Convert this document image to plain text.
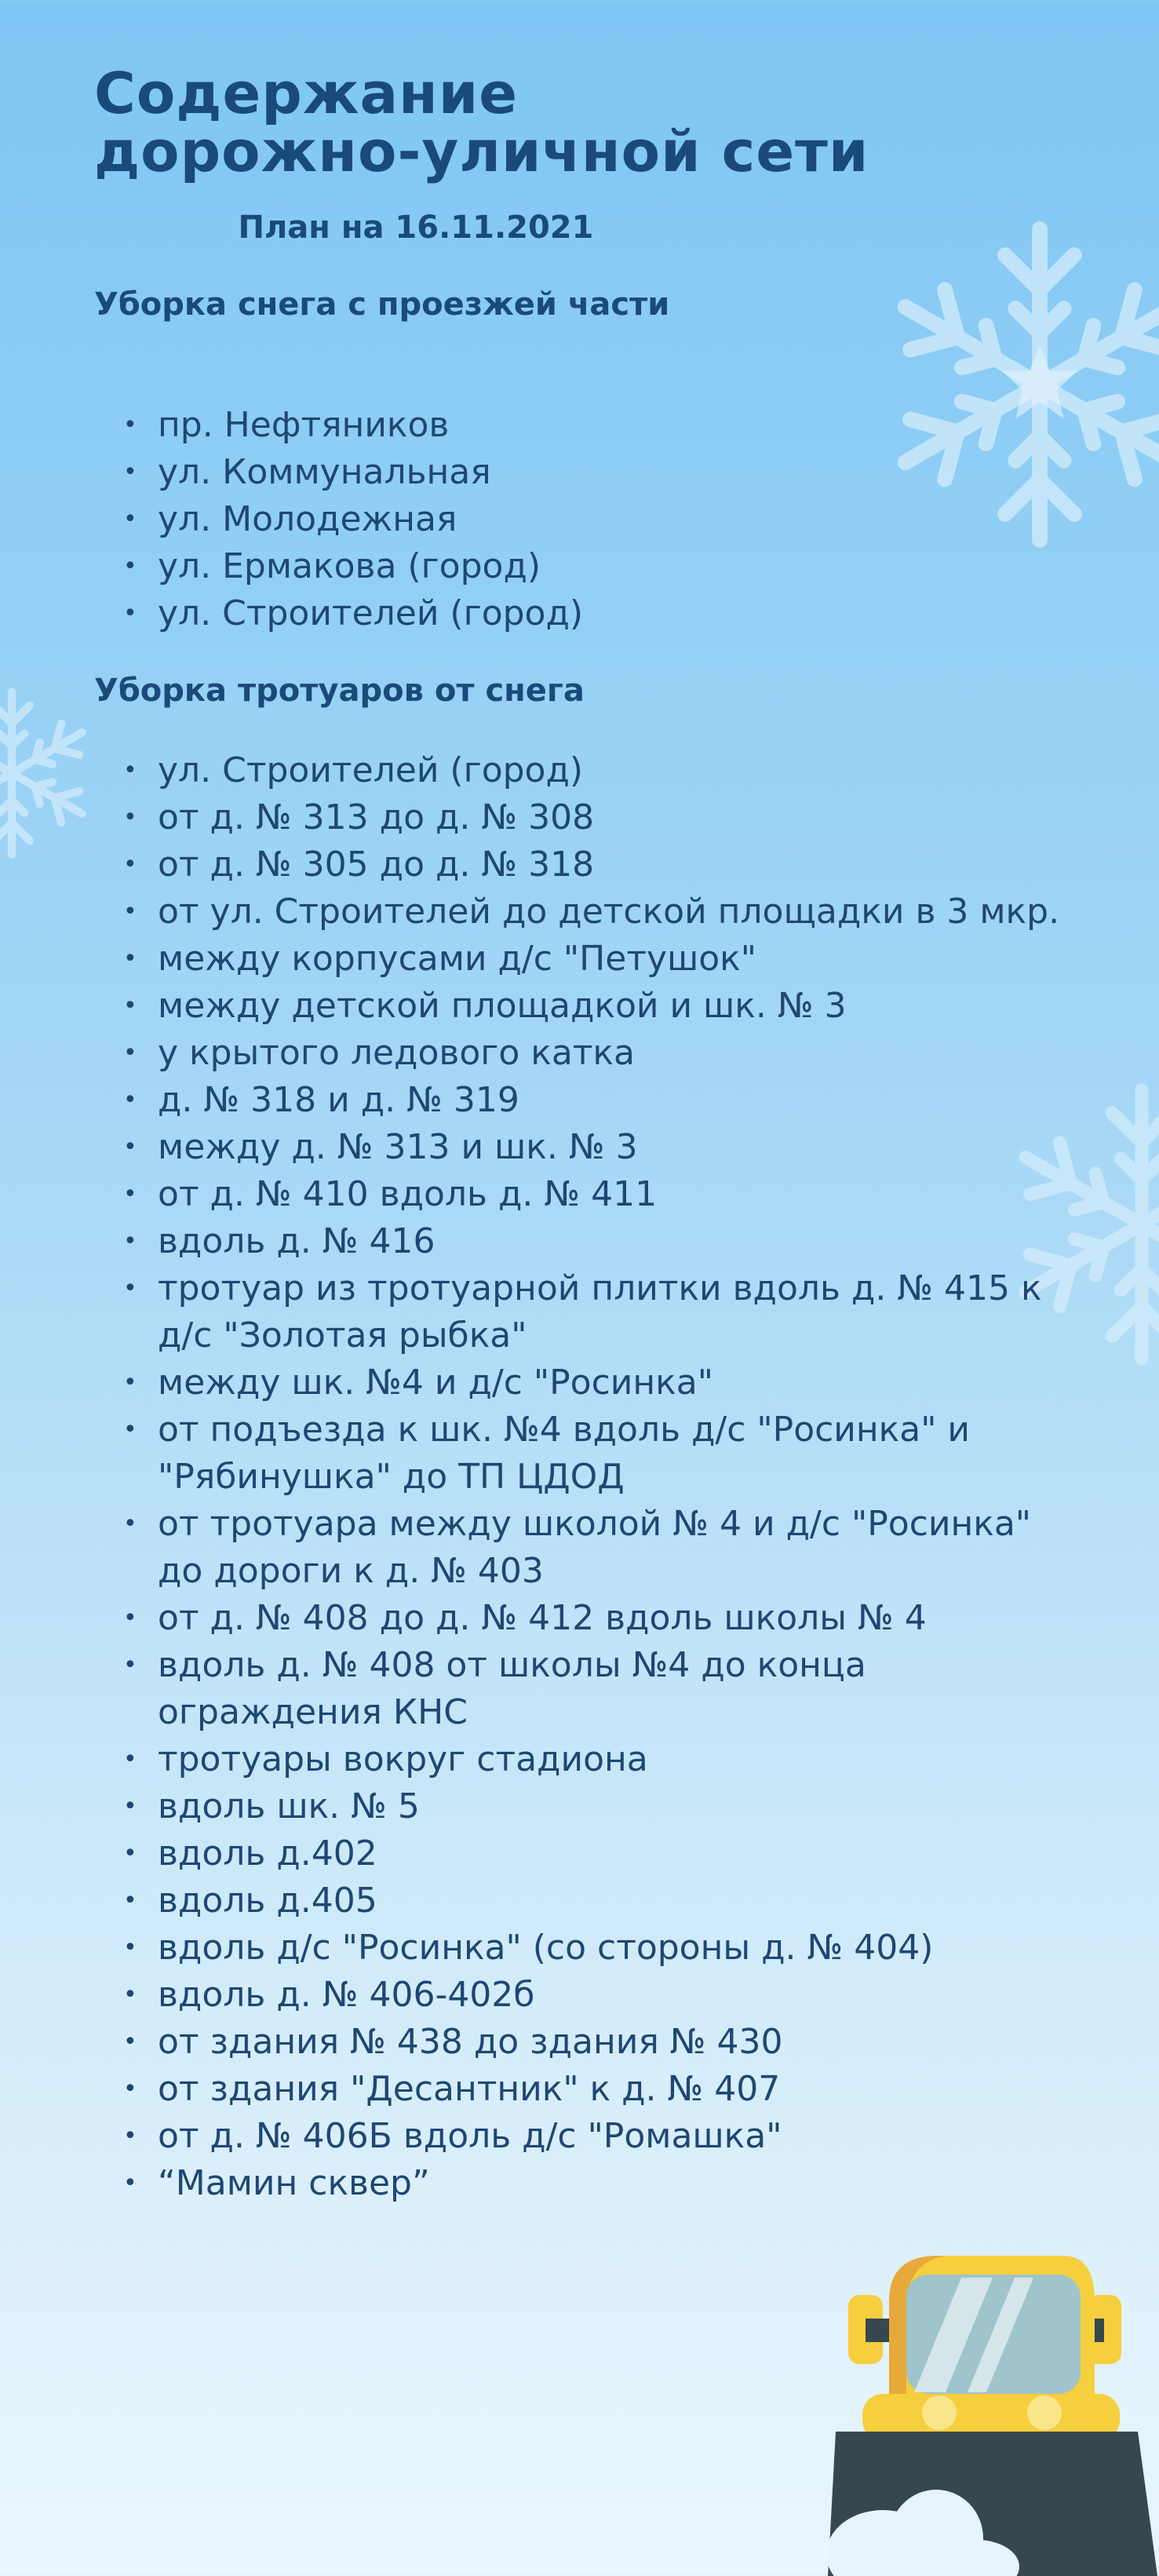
Содержание
дорожно-уличной сети
План на 16.11.2021
Уборка снега с проезжей части
• пр. Нефтяников
• ул. Коммунальная
• ул. Молодежная
• ул. Ермакова (город)
• ул. Строителей (город)
Уборка тротуаров от снега
• ул. Строителей (город)
• от д. № 313 до д. № 308
• от д. № 305 до д. № 318
• от ул. Строителей до детской площадки в 3 мкр.
• между корпусами д/с "Петушок"
• между детской площадкой и шк. № 3
• у крытого ледового катка
• д. № 318 и д. № 319
• между д. № 313 и шк. № 3
• от д. № 410 вдоль д. № 411
• вдоль д. № 416
• тротуар из тротуарной плитки вдоль д. № 415 к д/с "Золотая рыбка"
• между шк. №4 и д/с "Росинка"
• от подъезда к шк. №4 вдоль д/с "Росинка" и "Рябинушка" до ТП ЦДОД
• от тротуара между школой № 4 и д/с "Росинка" до дороги к д. № 403
• от д. № 408 до д. № 412 вдоль школы № 4
• вдоль д. № 408 от школы №4 до конца ограждения КНС
• тротуары вокруг стадиона
• вдоль шк. № 5
• вдоль д.402
• вдоль д.405
• вдоль д/с "Росинка" (со стороны д. № 404)
• вдоль д. № 406-402б
• от здания № 438 до здания № 430
• от здания "Десантник" к д. № 407
• от д. № 406Б вдоль д/с "Ромашка"
• “Мамин сквер”
